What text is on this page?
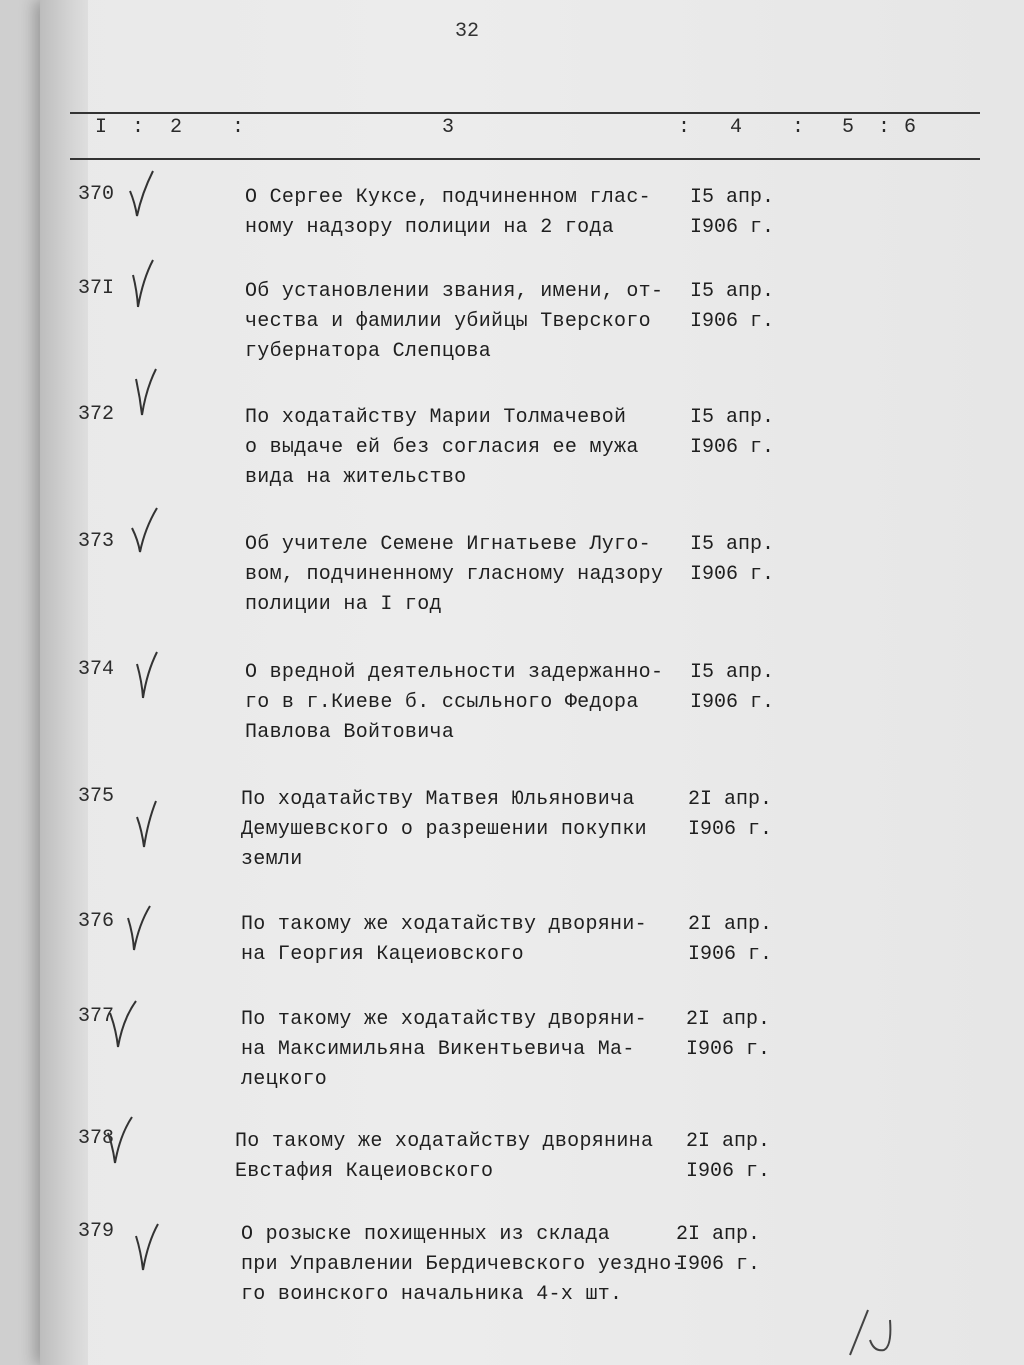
32
I : 2 :	3	: 4 : 5 : 6
370	О Сергее Куксе, подчиненном глас-
ному надзору полиции на 2 года
I5 апр.
I906 г.
37I	Об установлении звания, имени, от-
чества и фамилии убийцы Тверского
губернатора Слепцова
I5 апр.
I906 г.
372	По ходатайству Марии Толмачевой
о выдаче ей без согласия ее мужа
вида на жительство
I5 апр.
I906 г.
373	Об учителе Семене Игнатьеве Луго-
вом, подчиненному гласному надзору
полиции на I год
I5 апр.
I906 г.
374	О вредной деятельности задержанно-
го в г.Киеве б. ссыльного Федора
Павлова Войтовича
I5 апр.
I906 г.
375	По ходатайству Матвея Юльяновича
Демушевского о разрешении покупки
земли
2I апр.
I906 г.
376	По такому же ходатайству дворяни-
на Георгия Кацеиовского
2I апр.
I906 г.
377	По такому же ходатайству дворяни-
на Максимильяна Викентьевича Ма-
лецкого
2I апр.
I906 г.
378	По такому же ходатайству дворянина
Евстафия Кацеиовского
2I апр.
I906 г.
379	О розыске похищенных из склада
при Управлении Бердичевского уездно-
го воинского начальника 4-х шт.
2I апр.
I906 г.
